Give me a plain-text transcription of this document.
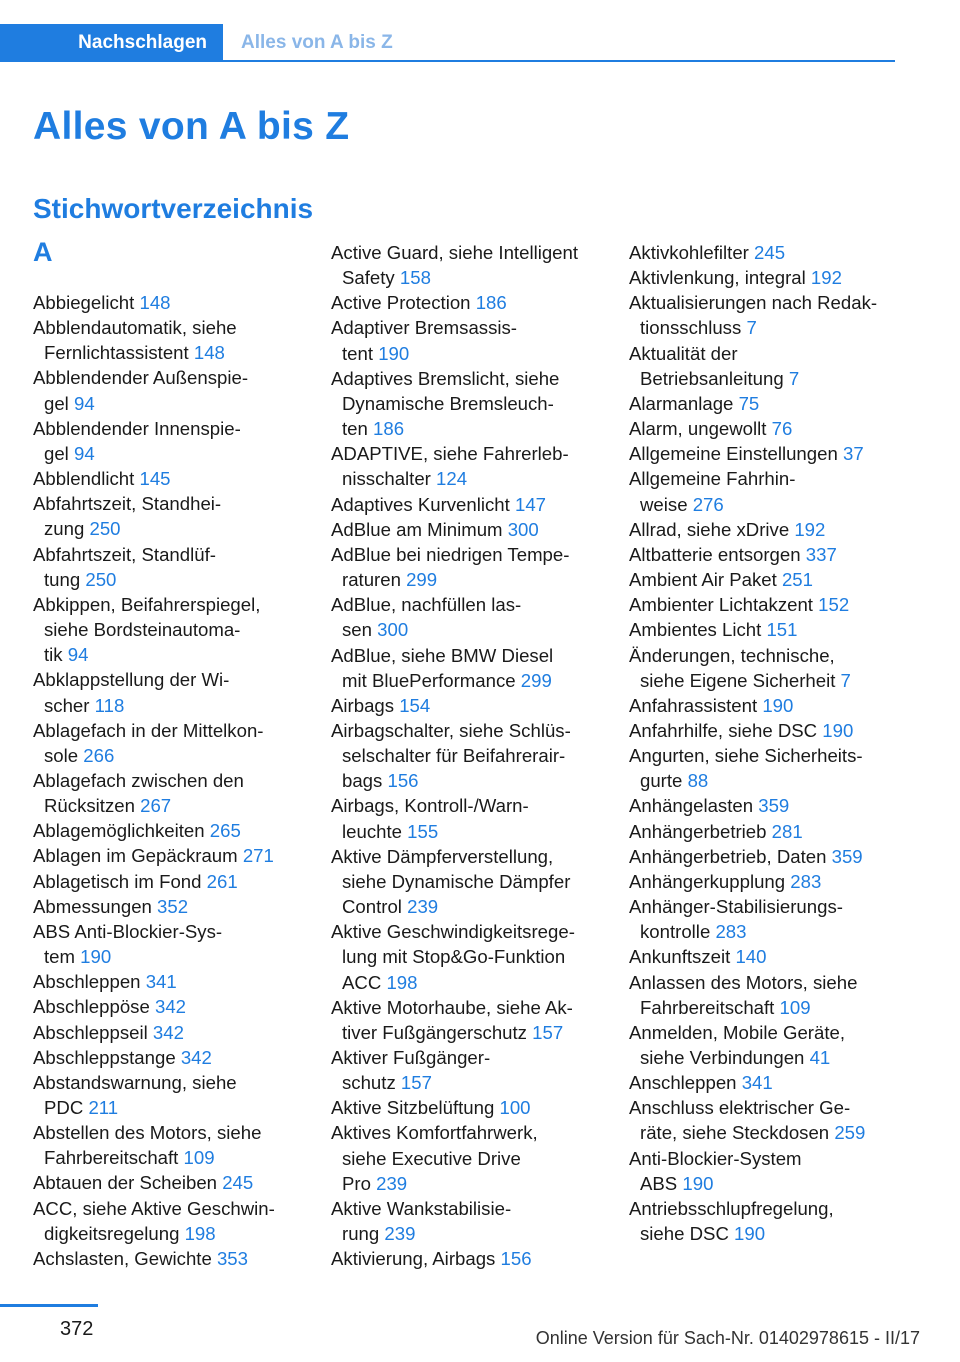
Nachschlagen	Alles von A bis Z
Alles von A bis Z
Stichwortverzeichnis
A

Abbiegelicht 148

Abblendautomatik, siehe
Fernlichtassistent 148

Abblendender Außenspie‐
gel 94

Abblendender Innenspie‐
gel 94

Abblendlicht 145

Abfahrtszeit, Standhei‐
zung 250

Abfahrtszeit, Standlüf‐
tung 250

Abkippen, Beifahrerspiegel,
siehe Bordsteinautoma‐
tik 94

Abklappstellung der Wi‐
scher 118

Ablagefach in der Mittelkon‐
sole 266

Ablagefach zwischen den
Rücksitzen 267

Ablagemöglichkeiten 265

Ablagen im Gepäckraum 271

Ablagetisch im Fond 261

Abmessungen 352

ABS Anti-Blockier-Sys‐
tem 190

Abschleppen 341

Abschleppöse 342

Abschleppseil 342

Abschleppstange 342

Abstandswarnung, siehe
PDC 211

Abstellen des Motors, siehe
Fahrbereitschaft 109

Abtauen der Scheiben 245

ACC, siehe Aktive Geschwin‐
digkeitsregelung 198

Achslasten, Gewichte 353

Active Guard, siehe Intelligent
Safety 158

Active Protection 186

Adaptiver Bremsassis‐
tent 190

Adaptives Bremslicht, siehe
Dynamische Bremsleuch‐
ten 186

ADAPTIVE, siehe Fahrerleb‐
nisschalter 124

Adaptives Kurvenlicht 147

AdBlue am Minimum 300

AdBlue bei niedrigen Tempe‐
raturen 299

AdBlue, nachfüllen las‐
sen 300

AdBlue, siehe BMW Diesel
mit BluePerformance 299

Airbags 154

Airbagschalter, siehe Schlüs‐
selschalter für Beifahrerair‐
bags 156

Airbags, Kontroll-/Warn‐
leuchte 155

Aktive Dämpferverstellung,
siehe Dynamische Dämpfer
Control 239

Aktive Geschwindigkeitsrege‐
lung mit Stop&Go-Funktion
ACC 198

Aktive Motorhaube, siehe Ak‐
tiver Fußgängerschutz 157

Aktiver Fußgänger‐
schutz 157

Aktive Sitzbelüftung 100

Aktives Komfortfahrwerk,
siehe Executive Drive
Pro 239

Aktive Wankstabilisie‐
rung 239

Aktivierung, Airbags 156

Aktivkohlefilter 245

Aktivlenkung, integral 192

Aktualisierungen nach Redak‐
tionsschluss 7

Aktualität der
Betriebsanleitung 7

Alarmanlage 75

Alarm, ungewollt 76

Allgemeine Einstellungen 37

Allgemeine Fahrhin‐
weise 276

Allrad, siehe xDrive 192

Altbatterie entsorgen 337

Ambient Air Paket 251

Ambienter Lichtakzent 152

Ambientes Licht 151

Änderungen, technische,
siehe Eigene Sicherheit 7

Anfahrassistent 190

Anfahrhilfe, siehe DSC 190

Angurten, siehe Sicherheits‐
gurte 88

Anhängelasten 359

Anhängerbetrieb 281

Anhängerbetrieb, Daten 359

Anhängerkupplung 283

Anhänger-Stabilisierungs‐
kontrolle 283

Ankunftszeit 140

Anlassen des Motors, siehe
Fahrbereitschaft 109

Anmelden, Mobile Geräte,
siehe Verbindungen 41

Anschleppen 341

Anschluss elektrischer Ge‐
räte, siehe Steckdosen 259

Anti-Blockier-System
ABS 190

Antriebsschlupfregelung,
siehe DSC 190

372	Online Version für Sach-Nr. 01402978615 - II/17
